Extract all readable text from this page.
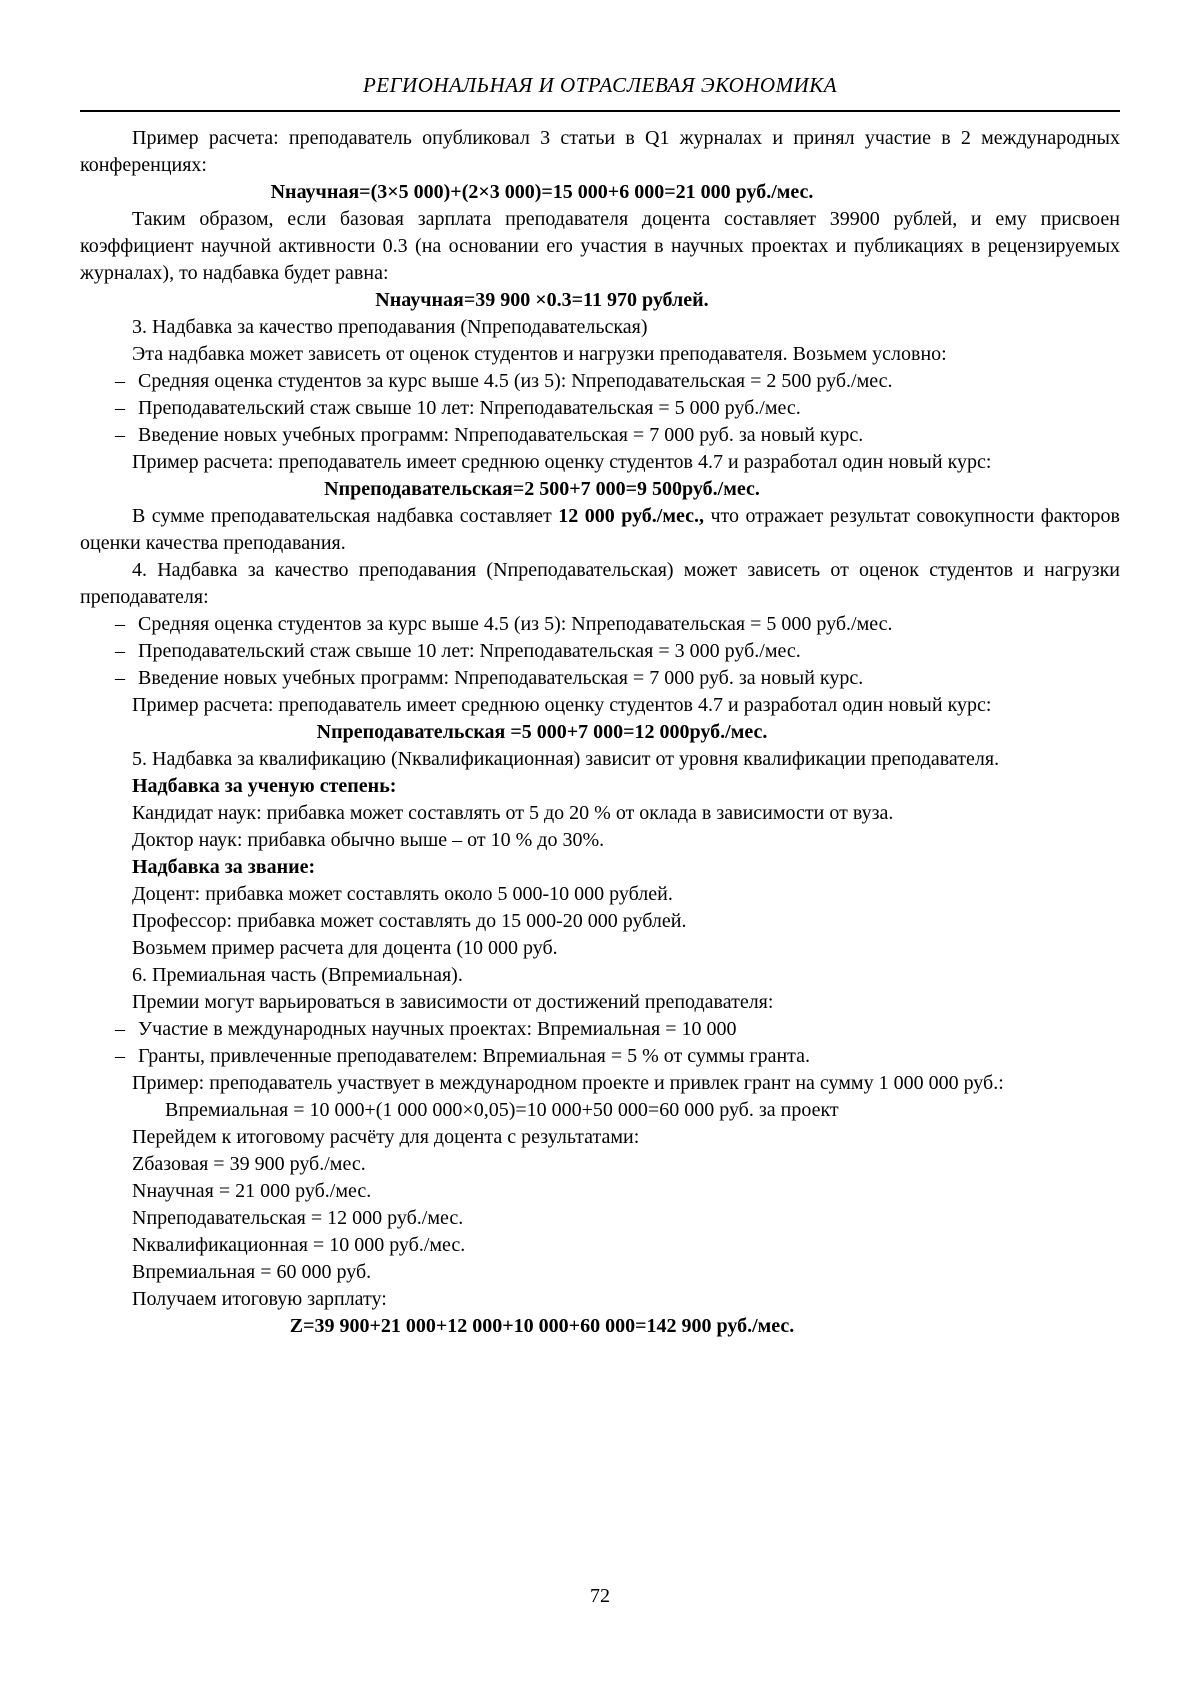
РЕГИОНАЛЬНАЯ И ОТРАСЛЕВАЯ ЭКОНОМИКА

Пример расчета: преподаватель опубликовал 3 статьи в Q1 журналах и принял участие в 2 международных конференциях:

Nнаучная=(3×5 000)+(2×3 000)=15 000+6 000=21 000 руб./мес.

Таким образом, если базовая зарплата преподавателя доцента составляет 39900 рублей, и ему присвоен коэффициент научной активности 0.3 (на основании его участия в научных проектах и публикациях в рецензируемых журналах), то надбавка будет равна:

Nнаучная=39 900 ×0.3=11 970 рублей.

3. Надбавка за качество преподавания (Nпреподавательская)

Эта надбавка может зависеть от оценок студентов и нагрузки преподавателя. Возьмем условно:

– Средняя оценка студентов за курс выше 4.5 (из 5): Nпреподавательская = 2 500 руб./мес.

– Преподавательский стаж свыше 10 лет: Nпреподавательская = 5 000 руб./мес.

– Введение новых учебных программ: Nпреподавательская = 7 000 руб. за новый курс.

Пример расчета: преподаватель имеет среднюю оценку студентов 4.7 и разработал один новый курс:

Nпреподавательская=2 500+7 000=9 500руб./мес.

В сумме преподавательская надбавка составляет 12 000 руб./мес., что отражает результат совокупности факторов оценки качества преподавания.

4. Надбавка за качество преподавания (Nпреподавательская) может зависеть от оценок студентов и нагрузки преподавателя:

– Средняя оценка студентов за курс выше 4.5 (из 5): Nпреподавательская = 5 000 руб./мес.

– Преподавательский стаж свыше 10 лет: Nпреподавательская = 3 000 руб./мес.

– Введение новых учебных программ: Nпреподавательская = 7 000 руб. за новый курс.

Пример расчета: преподаватель имеет среднюю оценку студентов 4.7 и разработал один новый курс:

Nпреподавательская =5 000+7 000=12 000руб./мес.

5. Надбавка за квалификацию (Nквалификационная) зависит от уровня квалификации преподавателя.

Надбавка за ученую степень:

Кандидат наук: прибавка может составлять от 5 до 20 % от оклада в зависимости от вуза.

Доктор наук: прибавка обычно выше – от 10 % до 30%.

Надбавка за звание:

Доцент: прибавка может составлять около 5 000-10 000 рублей.

Профессор: прибавка может составлять до 15 000-20 000 рублей.

Возьмем пример расчета для доцента (10 000 руб.

6. Премиальная часть (Впремиальная).

Премии могут варьироваться в зависимости от достижений преподавателя:

– Участие в международных научных проектах: Впремиальная = 10 000

– Гранты, привлеченные преподавателем: Впремиальная = 5 % от суммы гранта.

Пример: преподаватель участвует в международном проекте и привлек грант на сумму 1 000 000 руб.:

Впремиальная = 10 000+(1 000 000×0,05)=10 000+50 000=60 000 руб. за проект

Перейдем к итоговому расчёту для доцента с результатами:

Zбазовая = 39 900 руб./мес.

Nнаучная = 21 000 руб./мес.

Nпреподавательская = 12 000 руб./мес.

Nквалификационная = 10 000 руб./мес.

Впремиальная = 60 000 руб.

Получаем итоговую зарплату:

Z=39 900+21 000+12 000+10 000+60 000=142 900 руб./мес.

72
